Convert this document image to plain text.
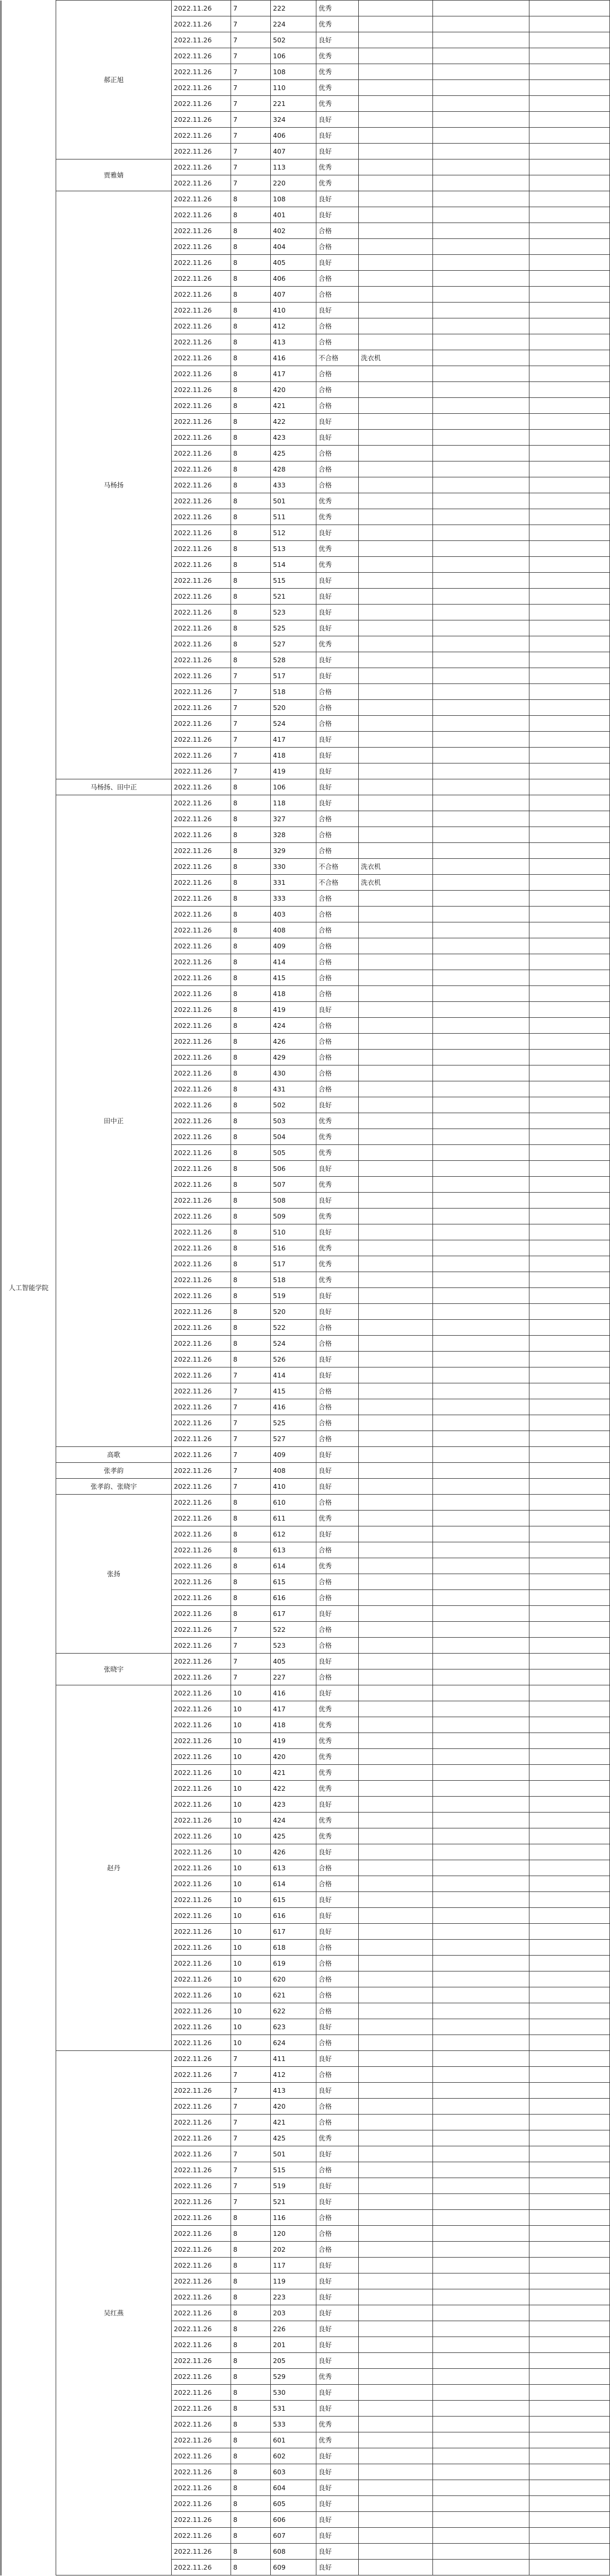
	人工智能学院	郝正旭	2022.11.26	7	222	优秀			
			2022.11.26	7	224	优秀			
			2022.11.26	7	502	良好			
			2022.11.26	7	106	优秀			
			2022.11.26	7	108	优秀			
			2022.11.26	7	110	优秀			
			2022.11.26	7	221	优秀			
			2022.11.26	7	324	良好			
			2022.11.26	7	406	良好			
			2022.11.26	7	407	良好			
		贾雅婧	2022.11.26	7	113	优秀			
			2022.11.26	7	220	优秀			
		马杨扬	2022.11.26	8	108	良好			
			2022.11.26	8	401	良好			
			2022.11.26	8	402	合格			
			2022.11.26	8	404	合格			
			2022.11.26	8	405	良好			
			2022.11.26	8	406	合格			
			2022.11.26	8	407	合格			
			2022.11.26	8	410	良好			
			2022.11.26	8	412	合格			
			2022.11.26	8	413	合格			
			2022.11.26	8	416	不合格	洗衣机		
			2022.11.26	8	417	合格			
			2022.11.26	8	420	合格			
			2022.11.26	8	421	合格			
			2022.11.26	8	422	良好			
			2022.11.26	8	423	良好			
			2022.11.26	8	425	合格			
			2022.11.26	8	428	合格			
			2022.11.26	8	433	合格			
			2022.11.26	8	501	优秀			
			2022.11.26	8	511	优秀			
			2022.11.26	8	512	良好			
			2022.11.26	8	513	优秀			
			2022.11.26	8	514	优秀			
			2022.11.26	8	515	良好			
			2022.11.26	8	521	良好			
			2022.11.26	8	523	良好			
			2022.11.26	8	525	良好			
			2022.11.26	8	527	优秀			
			2022.11.26	8	528	良好			
			2022.11.26	7	517	良好			
			2022.11.26	7	518	合格			
			2022.11.26	7	520	合格			
			2022.11.26	7	524	合格			
			2022.11.26	7	417	良好			
			2022.11.26	7	418	良好			
			2022.11.26	7	419	良好			
		马杨扬、田中正	2022.11.26	8	106	良好			
		田中正	2022.11.26	8	118	良好			
			2022.11.26	8	327	合格			
			2022.11.26	8	328	合格			
			2022.11.26	8	329	合格			
			2022.11.26	8	330	不合格	洗衣机		
			2022.11.26	8	331	不合格	洗衣机		
			2022.11.26	8	333	合格			
			2022.11.26	8	403	合格			
			2022.11.26	8	408	合格			
			2022.11.26	8	409	合格			
			2022.11.26	8	414	合格			
			2022.11.26	8	415	合格			
			2022.11.26	8	418	合格			
			2022.11.26	8	419	良好			
			2022.11.26	8	424	合格			
			2022.11.26	8	426	合格			
			2022.11.26	8	429	合格			
			2022.11.26	8	430	合格			
			2022.11.26	8	431	合格			
			2022.11.26	8	502	良好			
			2022.11.26	8	503	优秀			
			2022.11.26	8	504	优秀			
			2022.11.26	8	505	优秀			
			2022.11.26	8	506	良好			
			2022.11.26	8	507	优秀			
			2022.11.26	8	508	良好			
			2022.11.26	8	509	优秀			
			2022.11.26	8	510	良好			
			2022.11.26	8	516	优秀			
			2022.11.26	8	517	优秀			
			2022.11.26	8	518	优秀			
			2022.11.26	8	519	良好			
			2022.11.26	8	520	良好			
			2022.11.26	8	522	合格			
			2022.11.26	8	524	合格			
			2022.11.26	8	526	良好			
			2022.11.26	7	414	良好			
			2022.11.26	7	415	合格			
			2022.11.26	7	416	合格			
			2022.11.26	7	525	合格			
			2022.11.26	7	527	合格			
		高歌	2022.11.26	7	409	良好			
		张孝韵	2022.11.26	7	408	良好			
		张孝韵、张晓宇	2022.11.26	7	410	良好			
		张扬	2022.11.26	8	610	合格			
			2022.11.26	8	611	优秀			
			2022.11.26	8	612	良好			
			2022.11.26	8	613	合格			
			2022.11.26	8	614	优秀			
			2022.11.26	8	615	合格			
			2022.11.26	8	616	合格			
			2022.11.26	8	617	良好			
			2022.11.26	7	522	合格			
			2022.11.26	7	523	合格			
		张晓宇	2022.11.26	7	405	良好			
			2022.11.26	7	227	合格			
		赵丹	2022.11.26	10	416	良好			
			2022.11.26	10	417	优秀			
			2022.11.26	10	418	优秀			
			2022.11.26	10	419	优秀			
			2022.11.26	10	420	优秀			
			2022.11.26	10	421	优秀			
			2022.11.26	10	422	优秀			
			2022.11.26	10	423	良好			
			2022.11.26	10	424	优秀			
			2022.11.26	10	425	优秀			
			2022.11.26	10	426	良好			
			2022.11.26	10	613	合格			
			2022.11.26	10	614	合格			
			2022.11.26	10	615	良好			
			2022.11.26	10	616	良好			
			2022.11.26	10	617	良好			
			2022.11.26	10	618	合格			
			2022.11.26	10	619	合格			
			2022.11.26	10	620	合格			
			2022.11.26	10	621	合格			
			2022.11.26	10	622	合格			
			2022.11.26	10	623	良好			
			2022.11.26	10	624	合格			
		吴红燕	2022.11.26	7	411	良好			
			2022.11.26	7	412	合格			
			2022.11.26	7	413	良好			
			2022.11.26	7	420	合格			
			2022.11.26	7	421	合格			
			2022.11.26	7	425	优秀			
			2022.11.26	7	501	良好			
			2022.11.26	7	515	合格			
			2022.11.26	7	519	良好			
			2022.11.26	7	521	良好			
			2022.11.26	8	116	合格			
			2022.11.26	8	120	合格			
			2022.11.26	8	202	合格			
			2022.11.26	8	117	良好			
			2022.11.26	8	119	良好			
			2022.11.26	8	223	良好			
			2022.11.26	8	203	良好			
			2022.11.26	8	226	良好			
			2022.11.26	8	201	良好			
			2022.11.26	8	205	良好			
			2022.11.26	8	529	优秀			
			2022.11.26	8	530	良好			
			2022.11.26	8	531	良好			
			2022.11.26	8	533	优秀			
			2022.11.26	8	601	优秀			
			2022.11.26	8	602	良好			
			2022.11.26	8	603	良好			
			2022.11.26	8	604	良好			
			2022.11.26	8	605	良好			
			2022.11.26	8	606	良好			
			2022.11.26	8	607	良好			
			2022.11.26	8	608	良好			
			2022.11.26	8	609	良好			
